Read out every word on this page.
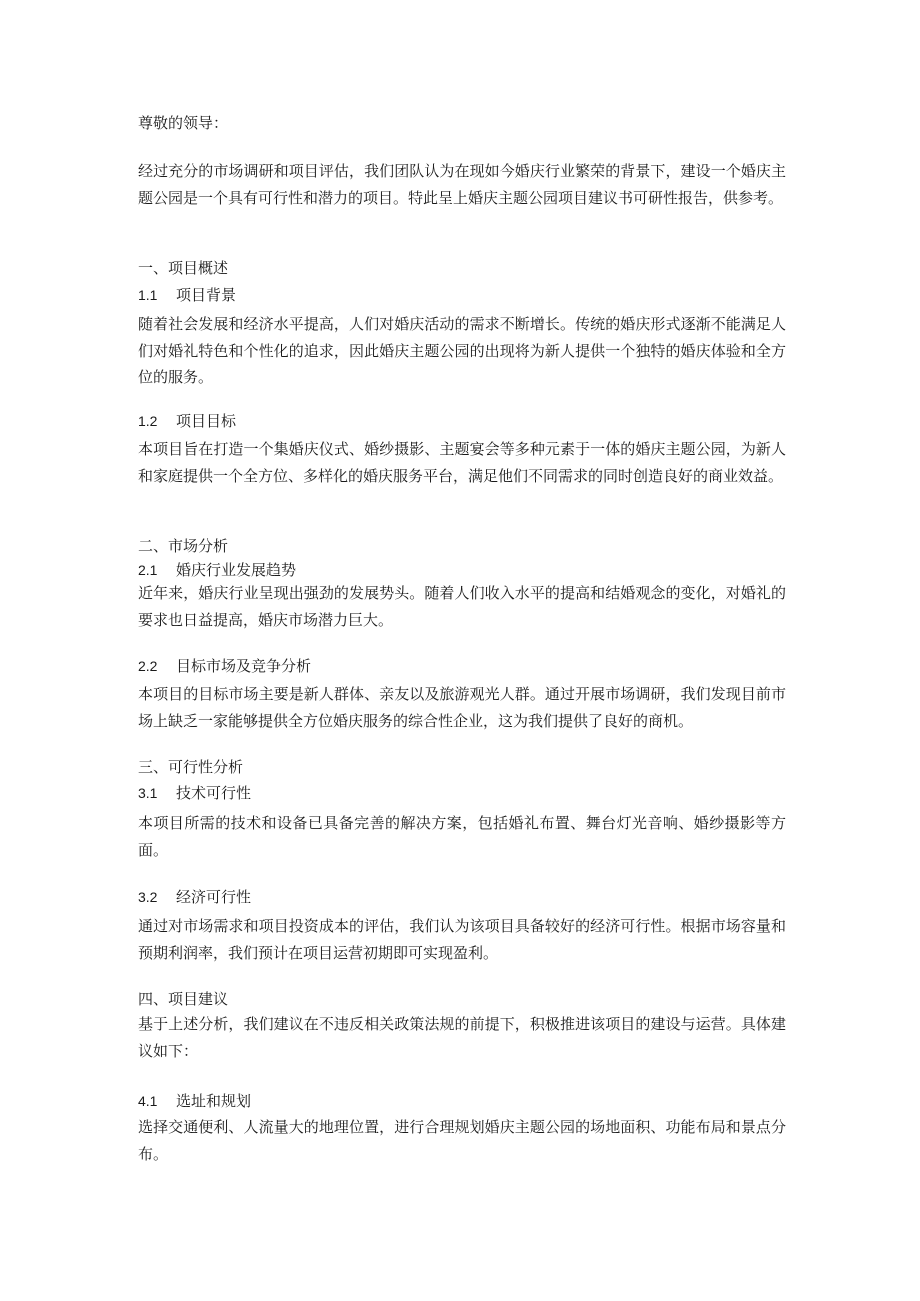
尊敬的领导：
经过充分的市场调研和项目评估，我们团队认为在现如今婚庆行业繁荣的背景下，建设一个婚庆主题公园是一个具有可行性和潜力的项目。特此呈上婚庆主题公园项目建议书可研性报告，供参考。
一、项目概述
1.1 项目背景
随着社会发展和经济水平提高，人们对婚庆活动的需求不断增长。传统的婚庆形式逐渐不能满足人们对婚礼特色和个性化的追求，因此婚庆主题公园的出现将为新人提供一个独特的婚庆体验和全方位的服务。
1.2 项目目标
本项目旨在打造一个集婚庆仪式、婚纱摄影、主题宴会等多种元素于一体的婚庆主题公园，为新人和家庭提供一个全方位、多样化的婚庆服务平台，满足他们不同需求的同时创造良好的商业效益。
二、市场分析
2.1 婚庆行业发展趋势
近年来，婚庆行业呈现出强劲的发展势头。随着人们收入水平的提高和结婚观念的变化，对婚礼的要求也日益提高，婚庆市场潜力巨大。
2.2 目标市场及竞争分析
本项目的目标市场主要是新人群体、亲友以及旅游观光人群。通过开展市场调研，我们发现目前市场上缺乏一家能够提供全方位婚庆服务的综合性企业，这为我们提供了良好的商机。
三、可行性分析
3.1 技术可行性
本项目所需的技术和设备已具备完善的解决方案，包括婚礼布置、舞台灯光音响、婚纱摄影等方面。
3.2 经济可行性
通过对市场需求和项目投资成本的评估，我们认为该项目具备较好的经济可行性。根据市场容量和预期利润率，我们预计在项目运营初期即可实现盈利。
四、项目建议
基于上述分析，我们建议在不违反相关政策法规的前提下，积极推进该项目的建设与运营。具体建议如下：
4.1 选址和规划
选择交通便利、人流量大的地理位置，进行合理规划婚庆主题公园的场地面积、功能布局和景点分布。
